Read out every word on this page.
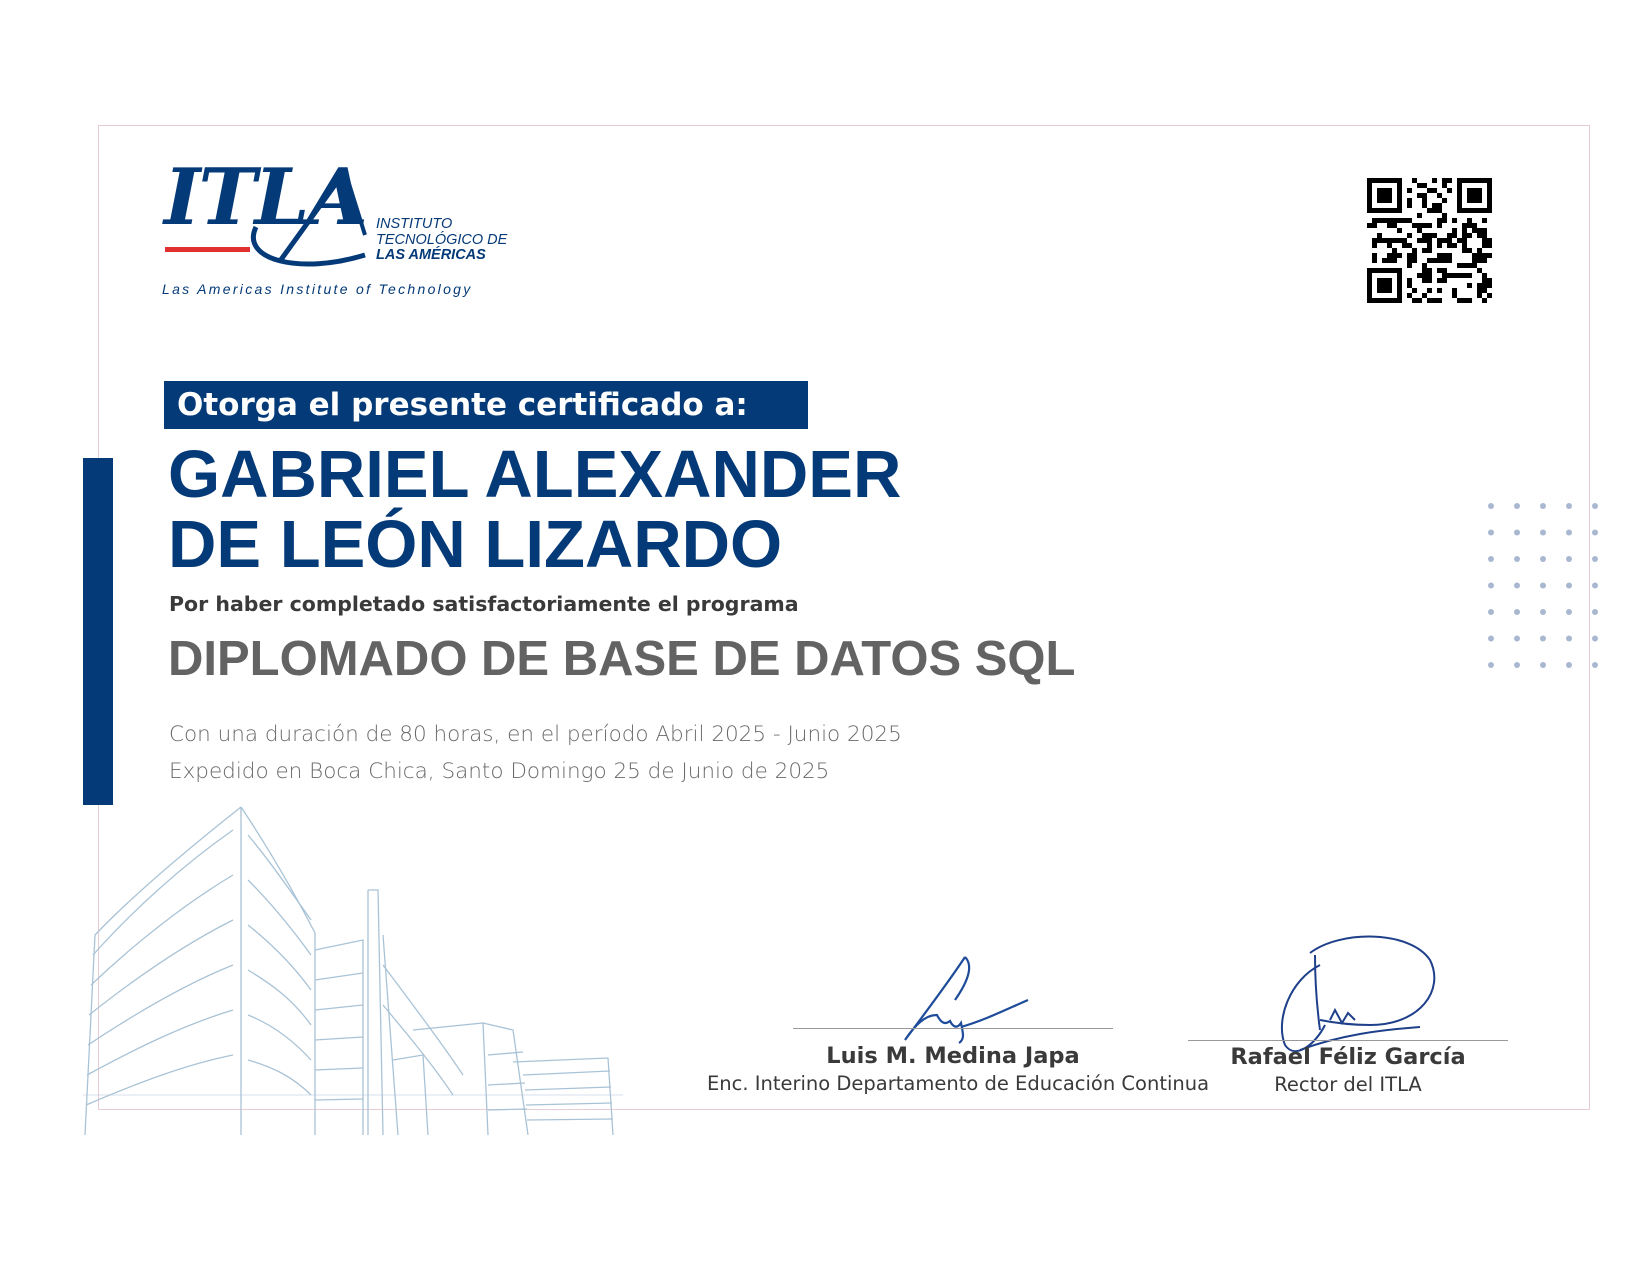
ITLA INSTITUTO
TECNOLÓGICO DE
LAS AMÉRICAS
Las Americas Institute of Technology
Otorga el presente certificado a:
GABRIEL ALEXANDER
DE LEÓN LIZARDO
Por haber completado satisfactoriamente el programa
DIPLOMADO DE BASE DE DATOS SQL
Con una duración de 80 horas, en el período Abril 2025 - Junio 2025
Expedido en Boca Chica, Santo Domingo 25 de Junio de 2025
Luis M. Medina Japa
Enc. Interino Departamento de Educación Continua
Rafael Féliz García
Rector del ITLA
